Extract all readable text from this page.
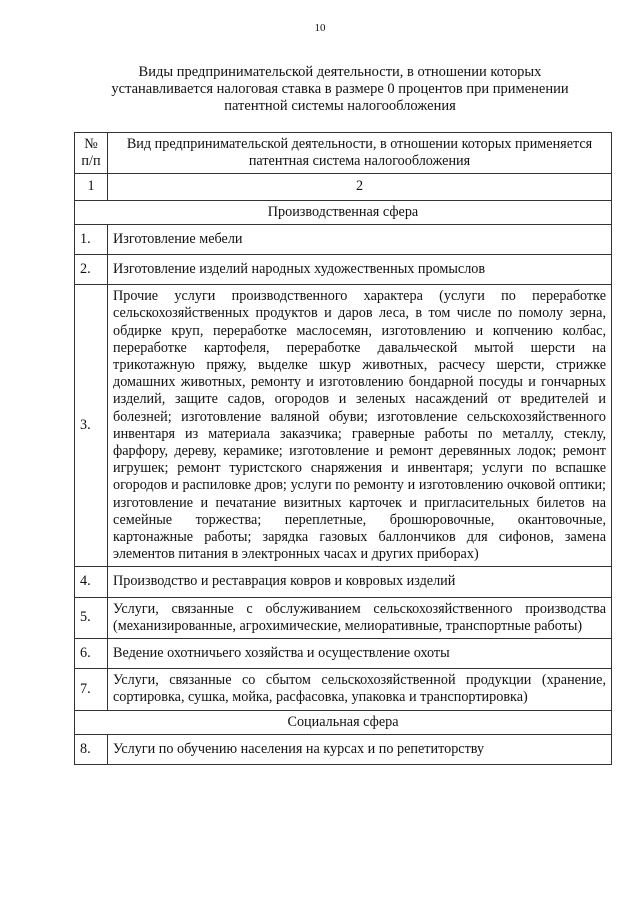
10
Виды предпринимательской деятельности, в отношении которых устанавливается налоговая ставка в размере 0 процентов при применении патентной системы налогообложения
№ п/п	Вид предпринимательской деятельности, в отношении которых применяется патентная система налогообложения
1	2
Производственная сфера	
1.	Изготовление мебели
2.	Изготовление изделий народных художественных промыслов
3.	Прочие услуги производственного характера (услуги по переработке сельскохозяйственных продуктов и даров леса, в том числе по помолу зерна, обдирке круп, переработке маслосемян, изготовлению и копчению колбас, переработке картофеля, переработке давальческой мытой шерсти на трикотажную пряжу, выделке шкур животных, расчесу шерсти, стрижке домашних животных, ремонту и изготовлению бондарной посуды и гончарных изделий, защите садов, огородов и зеленых насаждений от вредителей и болезней; изготовление валяной обуви; изготовление сельскохозяйственного инвентаря из материала заказчика; граверные работы по металлу, стеклу, фарфору, дереву, керамике; изготовление и ремонт деревянных лодок; ремонт игрушек; ремонт туристского снаряжения и инвентаря; услуги по вспашке огородов и распиловке дров; услуги по ремонту и изготовлению очковой оптики; изготовление и печатание визитных карточек и пригласительных билетов на семейные торжества; переплетные, брошюровочные, окантовочные, картонажные работы; зарядка газовых баллончиков для сифонов, замена элементов питания в электронных часах и других приборах)
4.	Производство и реставрация ковров и ковровых изделий
5.	Услуги, связанные с обслуживанием сельскохозяйственного производства (механизированные, агрохимические, мелиоративные, транспортные работы)
6.	Ведение охотничьего хозяйства и осуществление охоты
7.	Услуги, связанные со сбытом сельскохозяйственной продукции (хранение, сортировка, сушка, мойка, расфасовка, упаковка и транспортировка)
Социальная сфера	
8.	Услуги по обучению населения на курсах и по репетиторству
